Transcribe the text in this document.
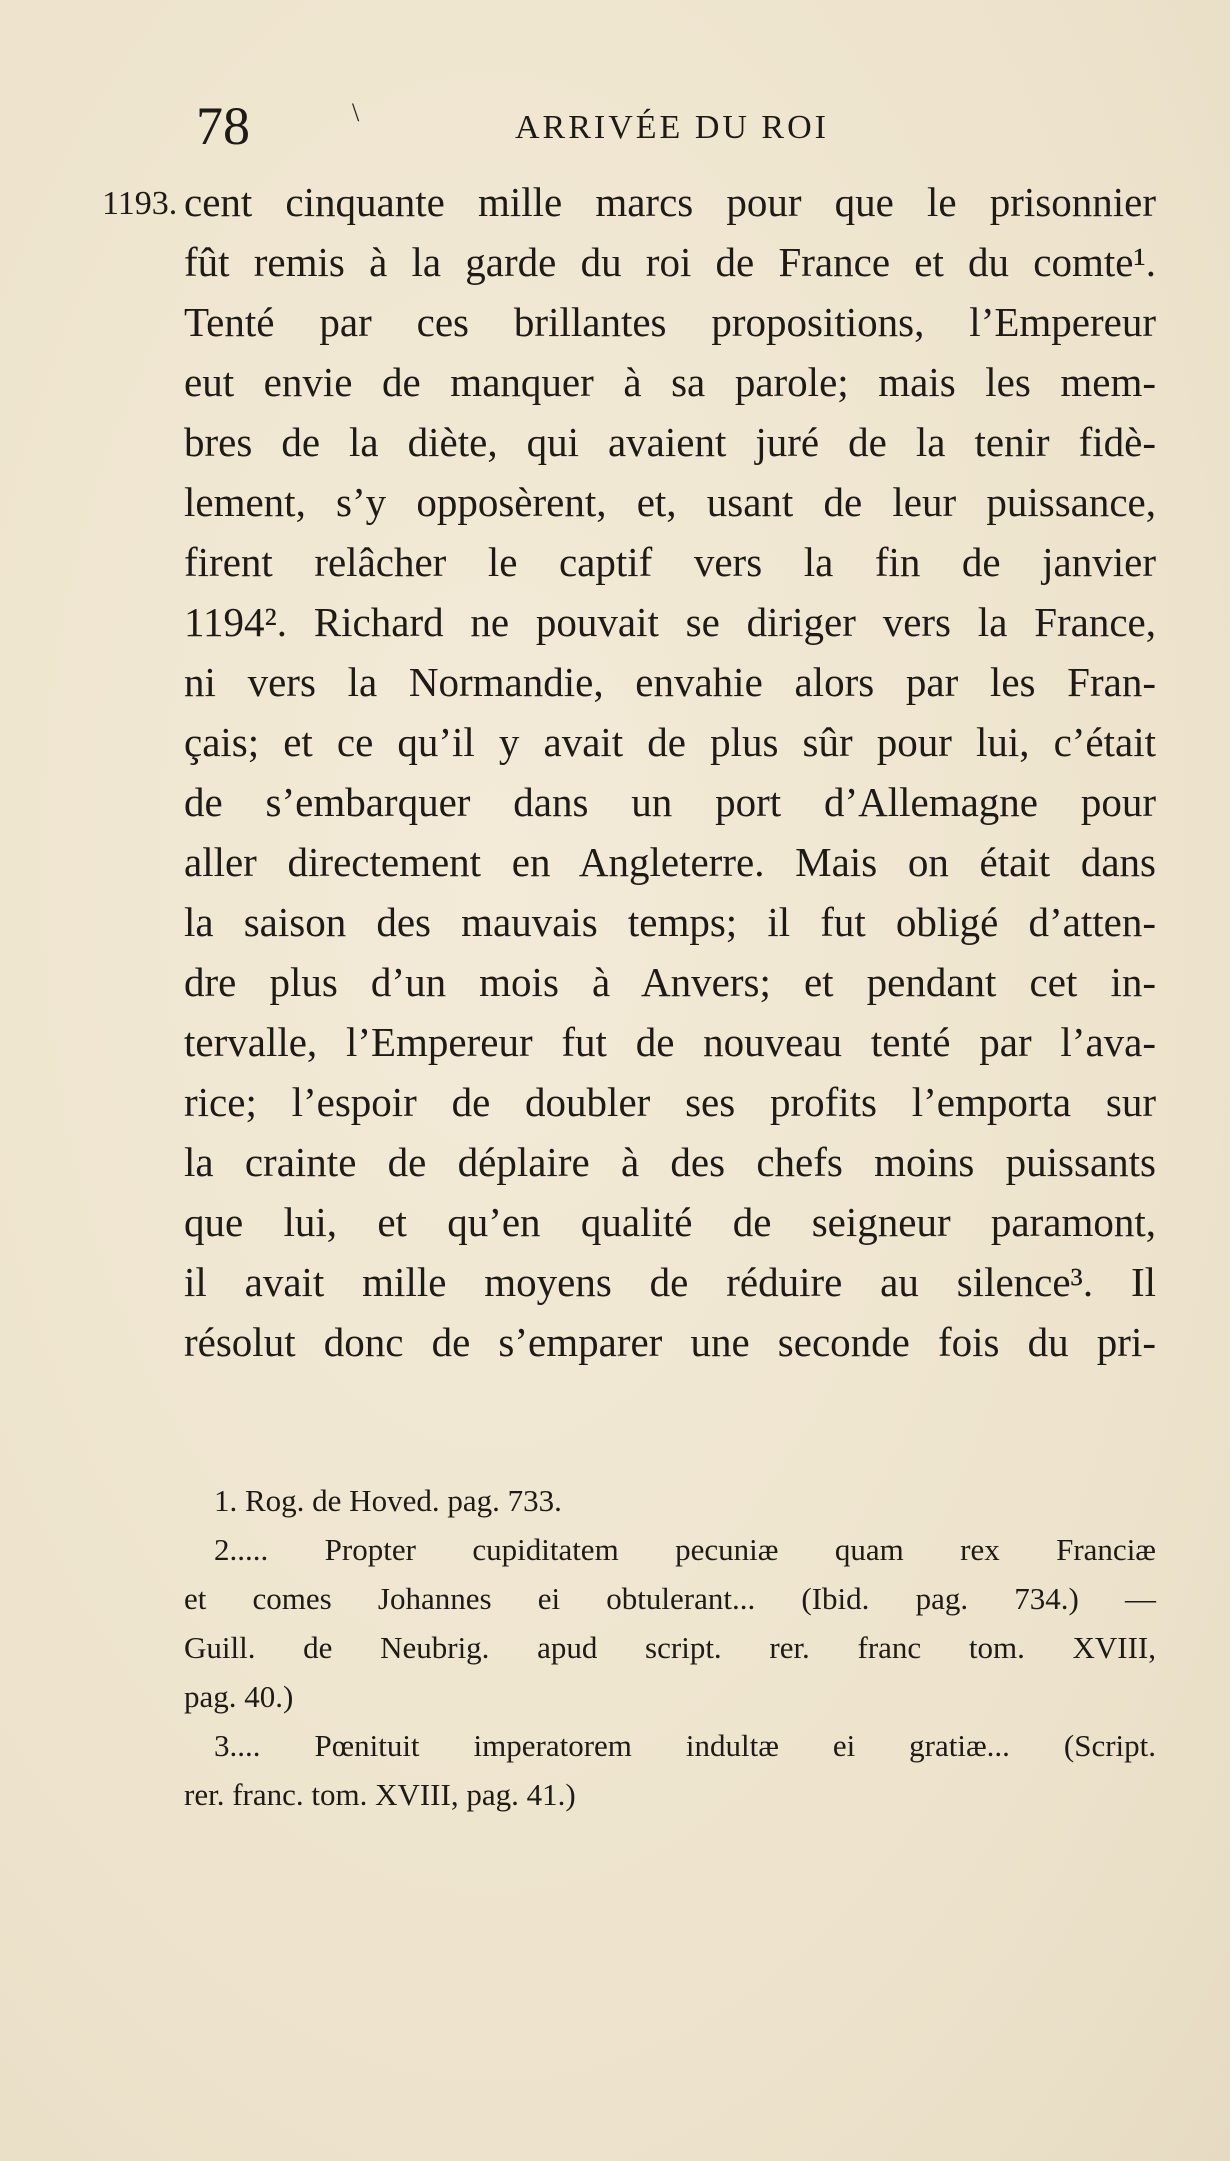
78	\	ARRIVÉE DU ROI
1193. cent cinquante mille marcs pour que le prisonnier
fût remis à la garde du roi de France et du comte¹.
Tenté par ces brillantes propositions, l’Empereur
eut envie de manquer à sa parole; mais les mem-
bres de la diète, qui avaient juré de la tenir fidè-
lement, s’y opposèrent, et, usant de leur puissance,
firent relâcher le captif vers la fin de janvier
1194². Richard ne pouvait se diriger vers la France,
ni vers la Normandie, envahie alors par les Fran-
çais; et ce qu’il y avait de plus sûr pour lui, c’était
de s’embarquer dans un port d’Allemagne pour
aller directement en Angleterre. Mais on était dans
la saison des mauvais temps; il fut obligé d’atten-
dre plus d’un mois à Anvers; et pendant cet in-
tervalle, l’Empereur fut de nouveau tenté par l’ava-
rice; l’espoir de doubler ses profits l’emporta sur
la crainte de déplaire à des chefs moins puissants
que lui, et qu’en qualité de seigneur paramont,
il avait mille moyens de réduire au silence³. Il
résolut donc de s’emparer une seconde fois du pri-
1. Rog. de Hoved. pag. 733.
2..... Propter cupiditatem pecuniæ quam rex Franciæ
et comes Johannes ei obtulerant... (Ibid. pag. 734.) —
Guill. de Neubrig. apud script. rer. franc tom. XVIII,
pag. 40.)
3.... Pœnituit imperatorem indultæ ei gratiæ... (Script.
rer. franc. tom. XVIII, pag. 41.)
